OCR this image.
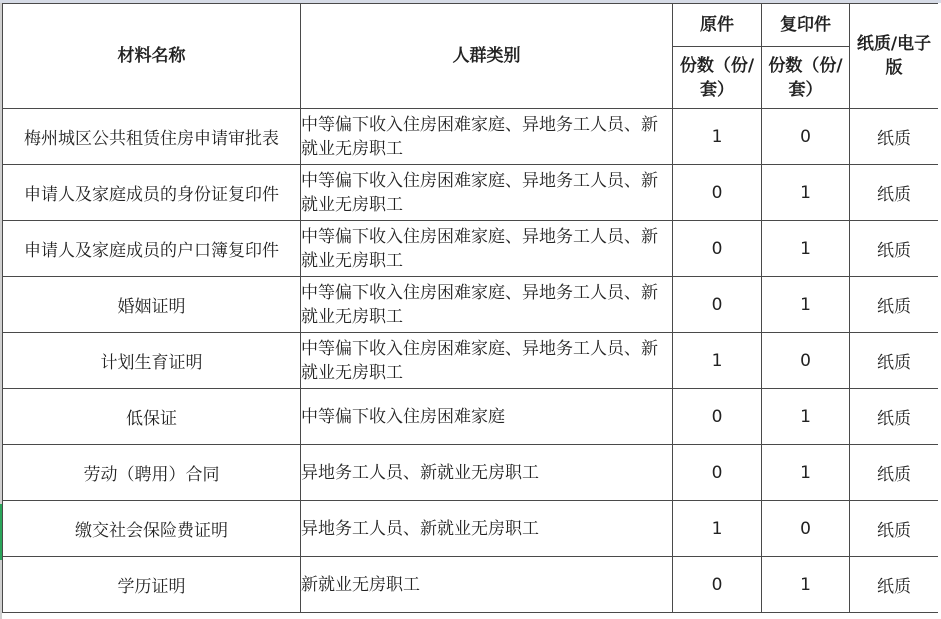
材料名称	人群类别	原件	复印件	纸质/电子版
		份数（份/套）	份数（份/套）	
梅州城区公共租赁住房申请审批表	中等偏下收入住房困难家庭、异地务工人员、新就业无房职工	1	0	纸质
申请人及家庭成员的身份证复印件	中等偏下收入住房困难家庭、异地务工人员、新就业无房职工	0	1	纸质
申请人及家庭成员的户口簿复印件	中等偏下收入住房困难家庭、异地务工人员、新就业无房职工	0	1	纸质
婚姻证明	中等偏下收入住房困难家庭、异地务工人员、新就业无房职工	0	1	纸质
计划生育证明	中等偏下收入住房困难家庭、异地务工人员、新就业无房职工	1	0	纸质
低保证	中等偏下收入住房困难家庭	0	1	纸质
劳动（聘用）合同	异地务工人员、新就业无房职工	0	1	纸质
缴交社会保险费证明	异地务工人员、新就业无房职工	1	0	纸质
学历证明	新就业无房职工	0	1	纸质
